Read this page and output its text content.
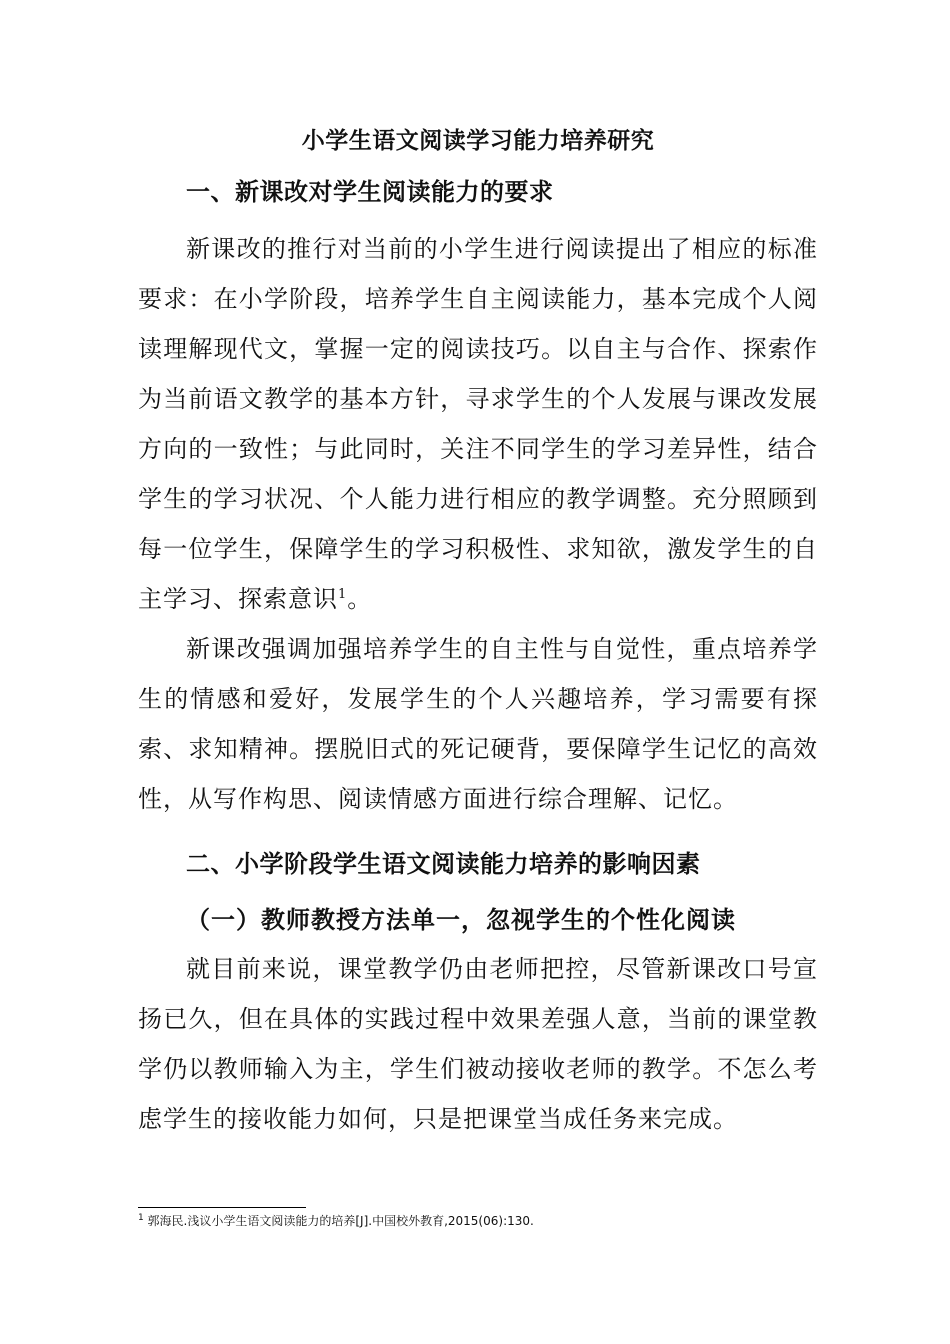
小学生语文阅读学习能力培养研究
一、新课改对学生阅读能力的要求

新课改的推行对当前的小学生进行阅读提出了相应的标准要求：在小学阶段，培养学生自主阅读能力，基本完成个人阅读理解现代文，掌握一定的阅读技巧。以自主与合作、探索作为当前语文教学的基本方针，寻求学生的个人发展与课改发展方向的一致性；与此同时，关注不同学生的学习差异性，结合学生的学习状况、个人能力进行相应的教学调整。充分照顾到每一位学生，保障学生的学习积极性、求知欲，激发学生的自主学习、探索意识$^1$。

新课改强调加强培养学生的自主性与自觉性，重点培养学生的情感和爱好，发展学生的个人兴趣培养，学习需要有探索、求知精神。摆脱旧式的死记硬背，要保障学生记忆的高效性，从写作构思、阅读情感方面进行综合理解、记忆。

二、小学阶段学生语文阅读能力培养的影响因素
（一）教师教授方法单一，忽视学生的个性化阅读

就目前来说，课堂教学仍由老师把控，尽管新课改口号宣扬已久，但在具体的实践过程中效果差强人意，当前的课堂教学仍以教师输入为主，学生们被动接收老师的教学。不怎么考虑学生的接收能力如何，只是把课堂当成任务来完成。

$^1$ 郭海民.浅议小学生语文阅读能力的培养[J].中国校外教育,2015(06):130.
